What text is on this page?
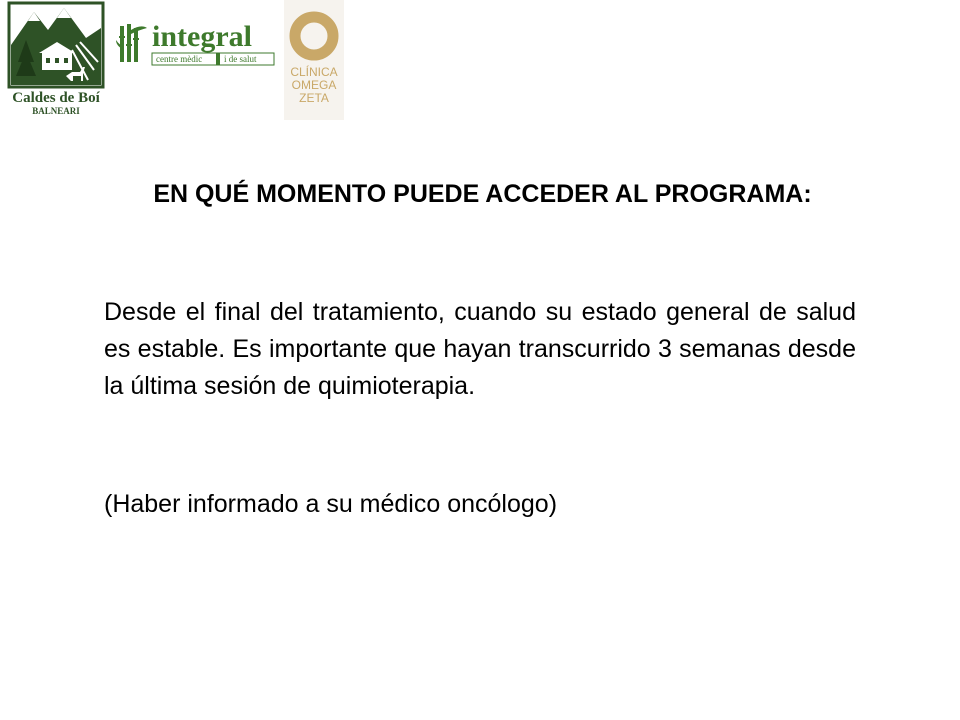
Caldes de Boí
BALNEARI
integral
centre mèdic i de salut
CLÍNICA
OMEGA
ZETA
EN QUÉ MOMENTO PUEDE ACCEDER AL PROGRAMA:

Desde el final del tratamiento, cuando su estado general de salud es estable. Es importante que hayan transcurrido 3 semanas desde la última sesión de quimioterapia.

(Haber informado a su médico oncólogo)
